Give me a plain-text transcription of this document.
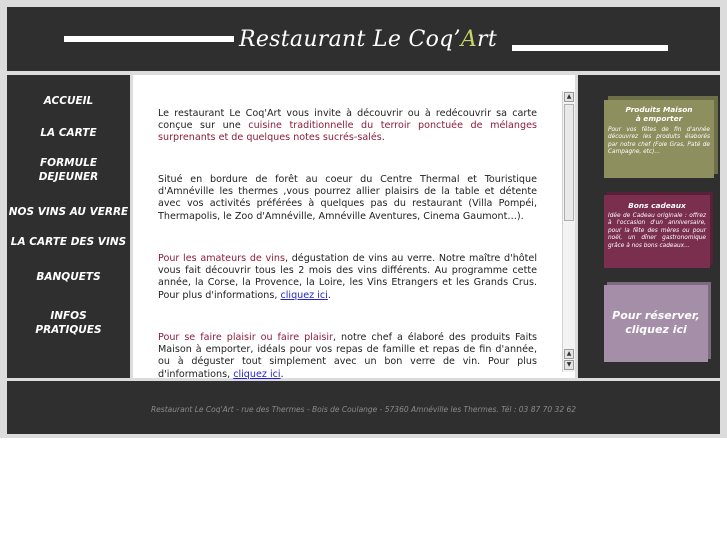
Restaurant Le Coq’Art
ACCUEIL
LA CARTE
FORMULE
DEJEUNER
NOS VINS AU VERRE
LA CARTE DES VINS
BANQUETS
INFOS
PRATIQUES
Le restaurant Le Coq'Art vous invite à découvrir ou à redécouvrir sa carte conçue sur une cuisine traditionnelle du terroir ponctuée de mélanges surprenants et de quelques notes sucrés-salés.
Situé en bordure de forêt au coeur du Centre Thermal et Touristique d'Amnéville les thermes ,vous pourrez allier plaisirs de la table et détente avec vos activités préférées à quelques pas du restaurant (Villa Pompéi, Thermapolis, le Zoo d'Amnéville, Amnéville Aventures, Cinema Gaumont…).
Pour les amateurs de vins, dégustation de vins au verre. Notre maître d'hôtel vous fait découvrir tous les 2 mois des vins différents. Au programme cette année, la Corse, la Provence, la Loire, les Vins Etrangers et les Grands Crus. Pour plus d'informations, cliquez ici.
Pour se faire plaisir ou faire plaisir, notre chef a élaboré des produits Faits Maison à emporter, idéals pour vos repas de famille et repas de fin d'année, ou à déguster tout simplement avec un bon verre de vin. Pour plus d'informations, cliquez ici.
▲
▲
▼
Produits Maison
à emporter
Pour vos fêtes de fin d'année découvrez les produits élaborés par notre chef (Foie Gras, Paté de Campagne, etc)…
Bons cadeaux
Idée de Cadeau originale : offrez à l'occasion d'un anniversaire, pour la fête des mères ou pour noël, un dîner gastronomique grâce à nos bons cadeaux…
Pour réserver,
cliquez ici
Restaurant Le Coq'Art - rue des Thermes - Bois de Coulange - 57360 Amnéville les Thermes. Tél : 03 87 70 32 62
